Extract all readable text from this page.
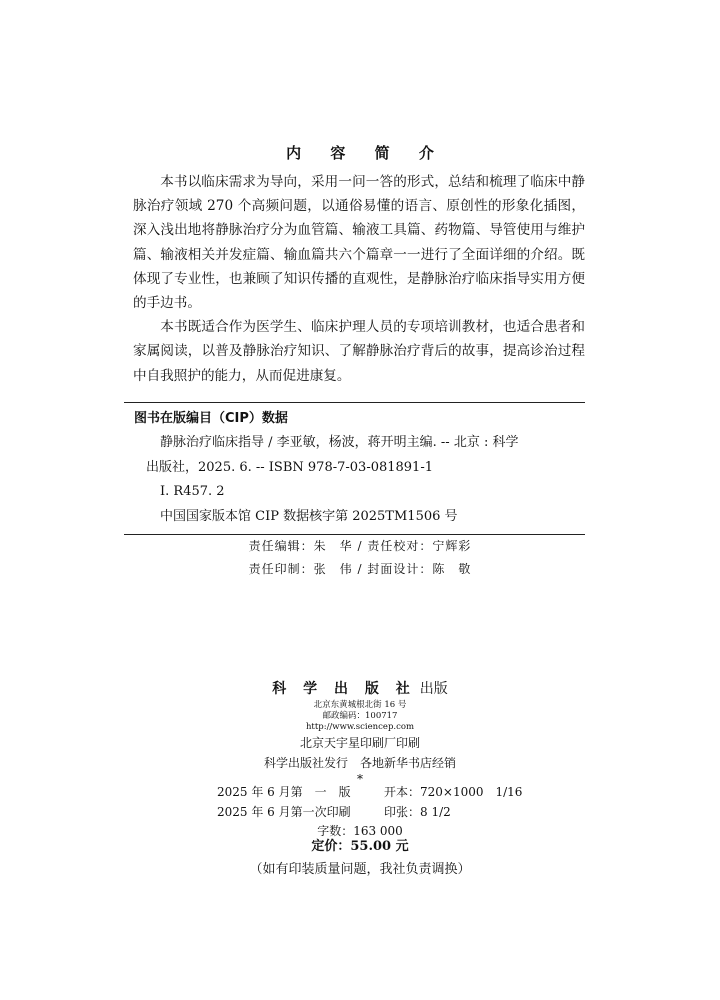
内 容 简 介

本书以临床需求为导向，采用一问一答的形式，总结和梳理了临床中静脉治疗领域 270 个高频问题，以通俗易懂的语言、原创性的形象化插图，深入浅出地将静脉治疗分为血管篇、输液工具篇、药物篇、导管使用与维护篇、输液相关并发症篇、输血篇共六个篇章一一进行了全面详细的介绍。既体现了专业性，也兼顾了知识传播的直观性，是静脉治疗临床指导实用方便的手边书。

本书既适合作为医学生、临床护理人员的专项培训教材，也适合患者和家属阅读，以普及静脉治疗知识、了解静脉治疗背后的故事，提高诊治过程中自我照护的能力，从而促进康复。

图书在版编目（CIP）数据

静脉治疗临床指导 / 李亚敏，杨波，蒋开明主编. -- 北京 : 科学

出版社，2025. 6. -- ISBN 978-7-03-081891-1

Ⅰ. R457. 2

中国国家版本馆 CIP 数据核字第 2025TM1506 号

责任编辑：朱　华 / 责任校对：宁辉彩
责任印制：张　伟 / 封面设计：陈　敬
科 学 出 版 社 出版
北京东黄城根北街 16 号
邮政编码：100717
http://www.sciencep.com
北京天宇星印刷厂印刷
科学出版社发行　各地新华书店经销
*
2025 年 6 月第　一　版	开本：720×1000　1/16
2025 年 6 月第一次印刷	印张：8 1/2
字数：163 000
定价：55.00 元
（如有印装质量问题，我社负责调换）
